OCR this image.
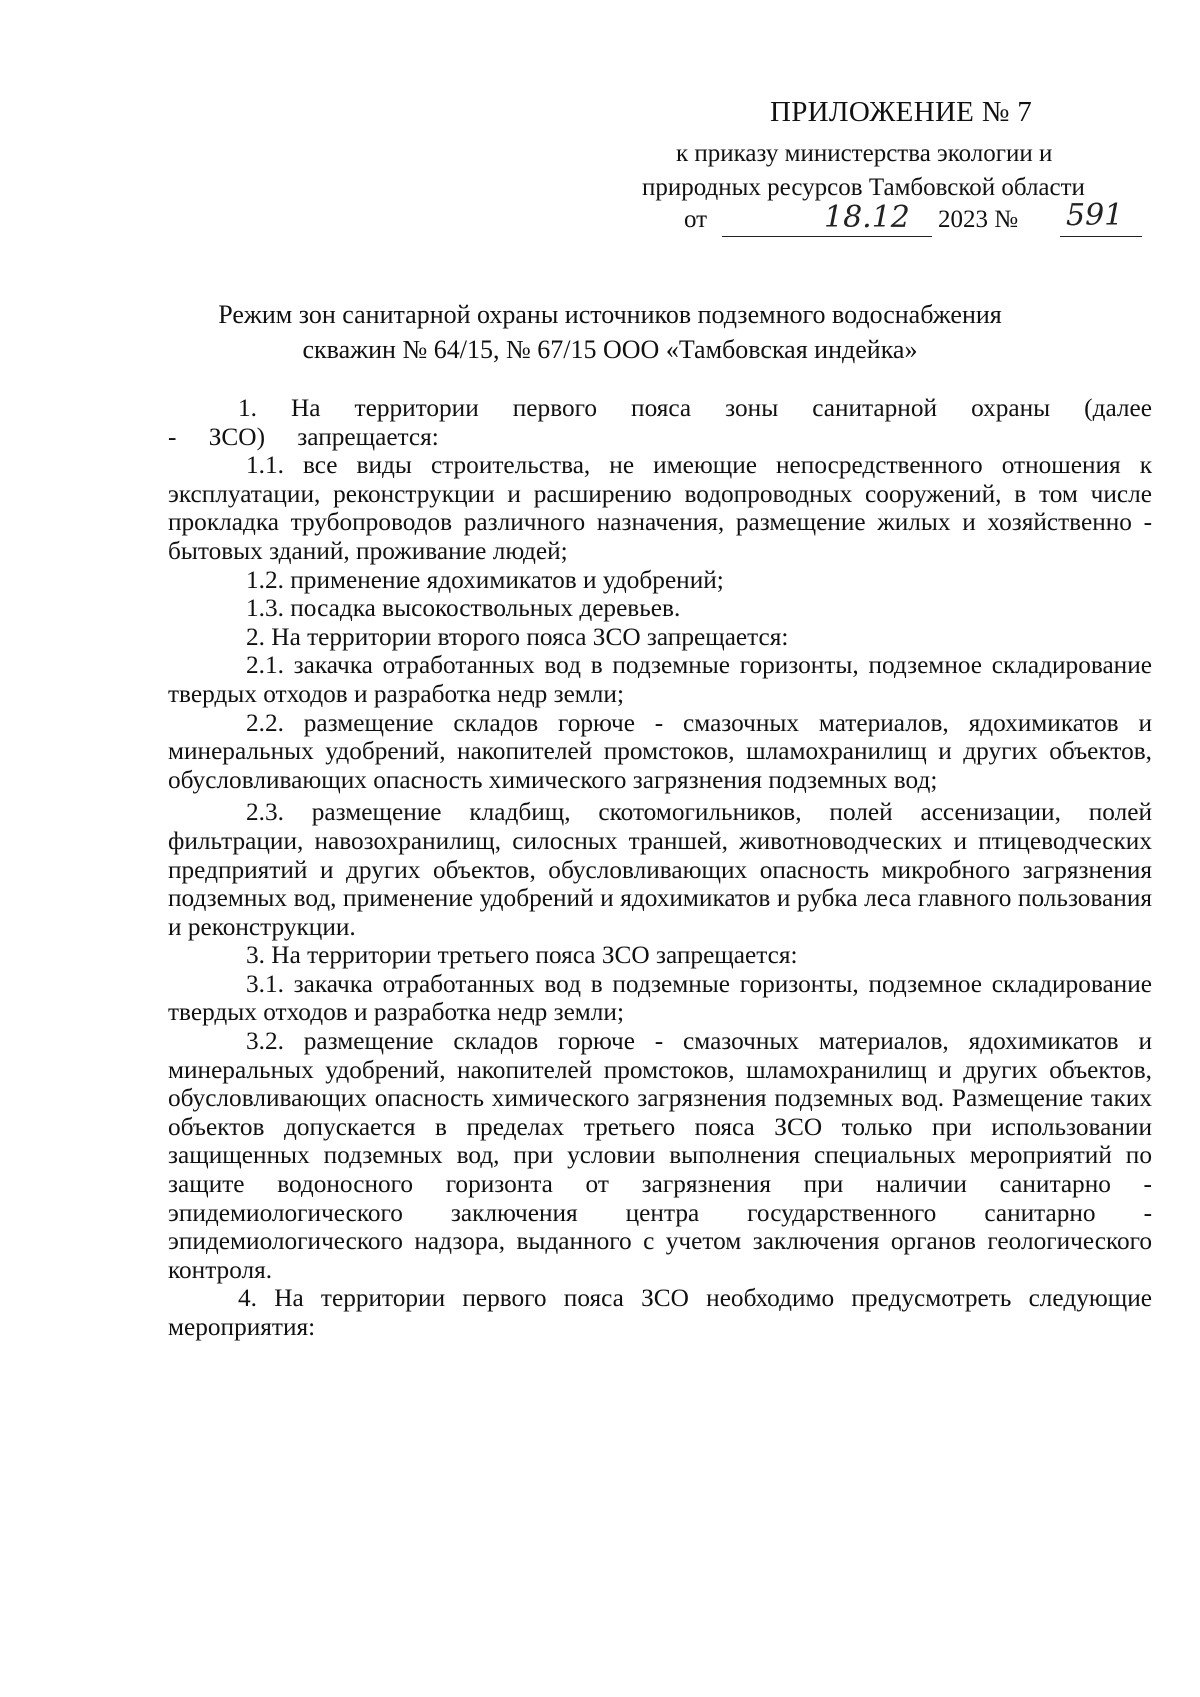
ПРИЛОЖЕНИЕ № 7
к приказу министерства экологии и
природных ресурсов Тамбовской области
от	18.12 2023 № 591
Режим зон санитарной охраны источников подземного водоснабжения
скважин № 64/15, № 67/15 ООО «Тамбовская индейка»

1. На территории первого пояса зоны санитарной охраны (далее - ЗСО) запрещается:

1.1. все виды строительства, не имеющие непосредственного отношения к эксплуатации, реконструкции и расширению водопроводных сооружений, в том числе прокладка трубопроводов различного назначения, размещение жилых и хозяйственно - бытовых зданий, проживание людей;

1.2. применение ядохимикатов и удобрений;

1.3. посадка высокоствольных деревьев.

2. На территории второго пояса ЗСО запрещается:

2.1. закачка отработанных вод в подземные горизонты, подземное складирование твердых отходов и разработка недр земли;

2.2. размещение складов горюче - смазочных материалов, ядохимикатов и минеральных удобрений, накопителей промстоков, шламохранилищ и других объектов, обусловливающих опасность химического загрязнения подземных вод;

2.3. размещение кладбищ, скотомогильников, полей ассенизации, полей фильтрации, навозохранилищ, силосных траншей, животноводческих и птицеводческих предприятий и других объектов, обусловливающих опасность микробного загрязнения подземных вод, применение удобрений и ядохимикатов и рубка леса главного пользования и реконструкции.

3. На территории третьего пояса ЗСО запрещается:

3.1. закачка отработанных вод в подземные горизонты, подземное складирование твердых отходов и разработка недр земли;

3.2. размещение складов горюче - смазочных материалов, ядохимикатов и минеральных удобрений, накопителей промстоков, шламохранилищ и других объектов, обусловливающих опасность химического загрязнения подземных вод. Размещение таких объектов допускается в пределах третьего пояса ЗСО только при использовании защищенных подземных вод, при условии выполнения специальных мероприятий по защите водоносного горизонта от загрязнения при наличии санитарно - эпидемиологического заключения центра государственного санитарно - эпидемиологического надзора, выданного с учетом заключения органов геологического контроля.

4. На территории первого пояса ЗСО необходимо предусмотреть следующие мероприятия:
